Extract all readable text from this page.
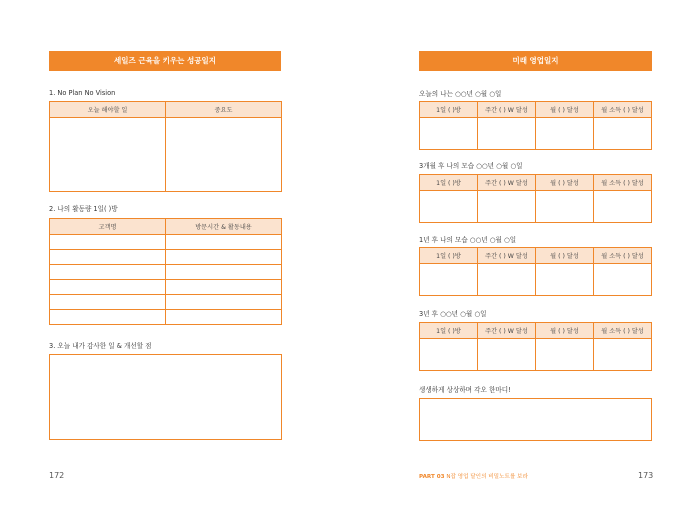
세일즈 근육을 키우는 성공일지
1. No Plan No Vision
오늘 해야할 일	중요도

2. 나의 활동량 1일( )방
고객명	방문시간 & 활동내용

3. 오늘 내가 감사한 일 & 개선할 점
172
미래 영업일지
오늘의 나는 ○○년 ○월 ○일
1일 ( )방	주간 ( ) W 달성	월 ( ) 달성	월 소득 ( ) 달성

3개월 후 나의 모습 ○○년 ○월 ○일
1일 ( )방	주간 ( ) W 달성	월 ( ) 달성	월 소득 ( ) 달성

1년 후 나의 모습 ○○년 ○월 ○일
1일 ( )방	주간 ( ) W 달성	월 ( ) 달성	월 소득 ( ) 달성

3년 후 ○○년 ○월 ○일
1일 ( )방	주간 ( ) W 달성	월 ( ) 달성	월 소득 ( ) 달성

생생하게 상상하며 각오 한마디!
PART 03 N잡 영업 달인의 비밀노트를 보라	173
